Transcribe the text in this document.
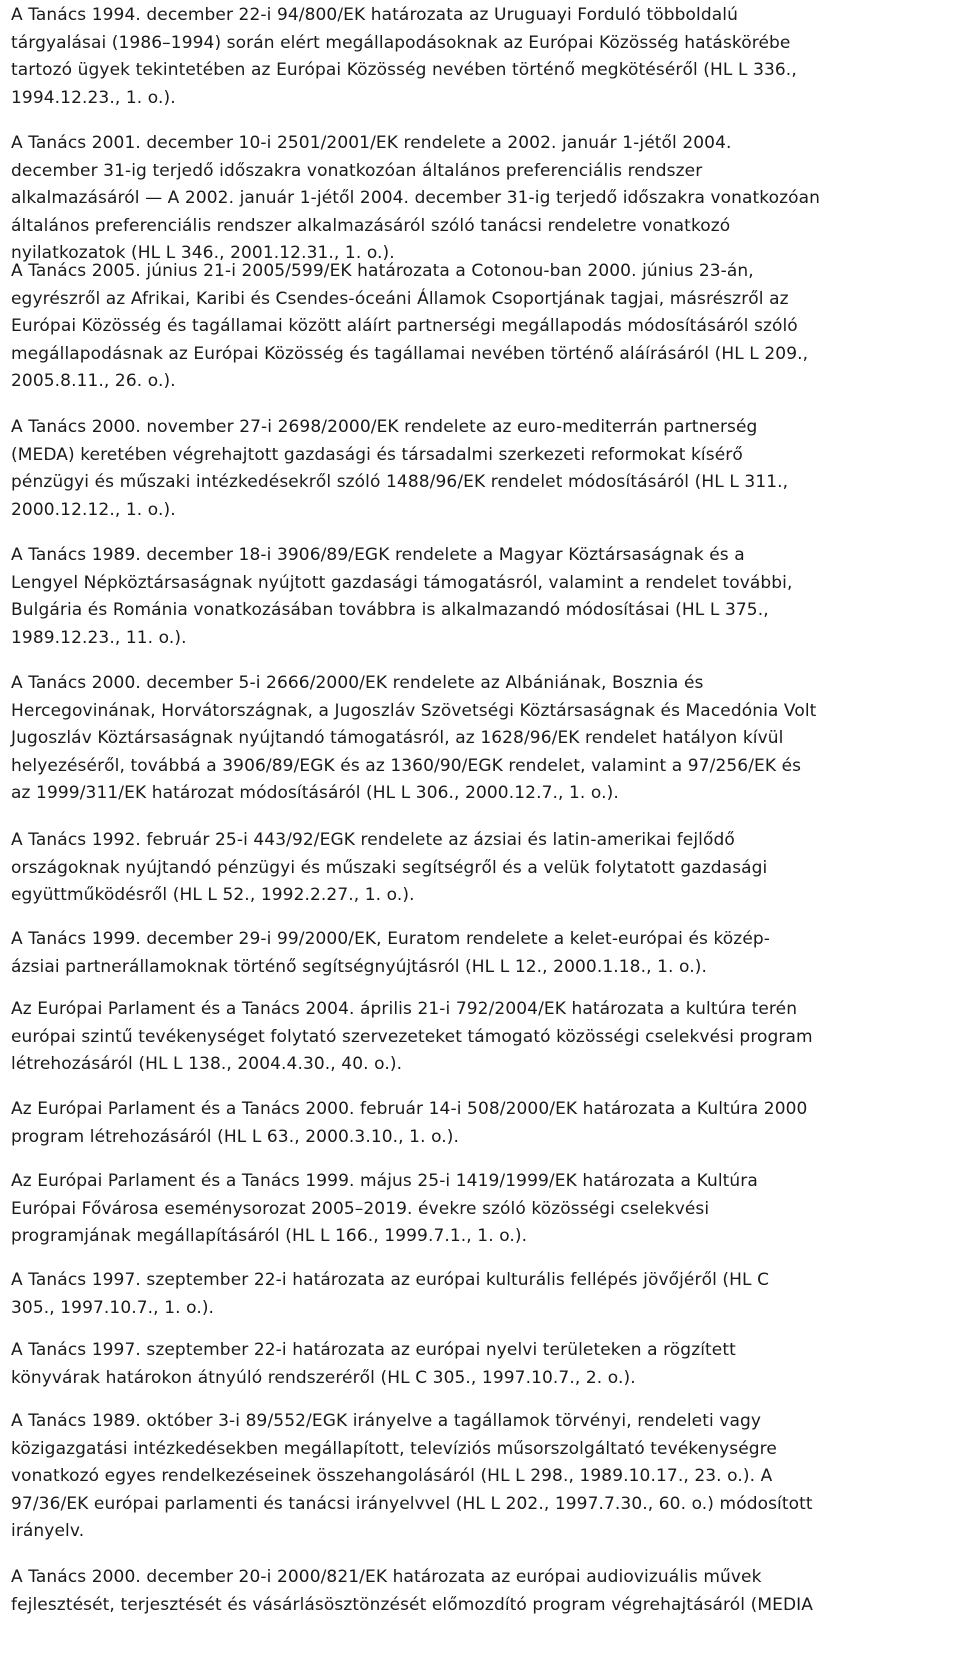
A Tanács 1994. december 22-i 94/800/EK határozata az Uruguayi Forduló többoldalú
tárgyalásai (1986–1994) során elért megállapodásoknak az Európai Közösség hatáskörébe
tartozó ügyek tekintetében az Európai Közösség nevében történő megkötéséről (HL L 336.,
1994.12.23., 1. o.).

A Tanács 2001. december 10-i 2501/2001/EK rendelete a 2002. január 1-jétől 2004.
december 31-ig terjedő időszakra vonatkozóan általános preferenciális rendszer
alkalmazásáról — A 2002. január 1-jétől 2004. december 31-ig terjedő időszakra vonatkozóan
általános preferenciális rendszer alkalmazásáról szóló tanácsi rendeletre vonatkozó
nyilatkozatok (HL L 346., 2001.12.31., 1. o.).

A Tanács 2005. június 21-i 2005/599/EK határozata a Cotonou-ban 2000. június 23-án,
egyrészről az Afrikai, Karibi és Csendes-óceáni Államok Csoportjának tagjai, másrészről az
Európai Közösség és tagállamai között aláírt partnerségi megállapodás módosításáról szóló
megállapodásnak az Európai Közösség és tagállamai nevében történő aláírásáról (HL L 209.,
2005.8.11., 26. o.).

A Tanács 2000. november 27-i 2698/2000/EK rendelete az euro-mediterrán partnerség
(MEDA) keretében végrehajtott gazdasági és társadalmi szerkezeti reformokat kísérő
pénzügyi és műszaki intézkedésekről szóló 1488/96/EK rendelet módosításáról (HL L 311.,
2000.12.12., 1. o.).

A Tanács 1989. december 18-i 3906/89/EGK rendelete a Magyar Köztársaságnak és a
Lengyel Népköztársaságnak nyújtott gazdasági támogatásról, valamint a rendelet további,
Bulgária és Románia vonatkozásában továbbra is alkalmazandó módosításai (HL L 375.,
1989.12.23., 11. o.).

A Tanács 2000. december 5-i 2666/2000/EK rendelete az Albániának, Bosznia és
Hercegovinának, Horvátországnak, a Jugoszláv Szövetségi Köztársaságnak és Macedónia Volt
Jugoszláv Köztársaságnak nyújtandó támogatásról, az 1628/96/EK rendelet hatályon kívül
helyezéséről, továbbá a 3906/89/EGK és az 1360/90/EGK rendelet, valamint a 97/256/EK és
az 1999/311/EK határozat módosításáról (HL L 306., 2000.12.7., 1. o.).

A Tanács 1992. február 25-i 443/92/EGK rendelete az ázsiai és latin-amerikai fejlődő
országoknak nyújtandó pénzügyi és műszaki segítségről és a velük folytatott gazdasági
együttműködésről (HL L 52., 1992.2.27., 1. o.).

A Tanács 1999. december 29-i 99/2000/EK, Euratom rendelete a kelet-európai és közép-
ázsiai partnerállamoknak történő segítségnyújtásról (HL L 12., 2000.1.18., 1. o.).

Az Európai Parlament és a Tanács 2004. április 21-i 792/2004/EK határozata a kultúra terén
európai szintű tevékenységet folytató szervezeteket támogató közösségi cselekvési program
létrehozásáról (HL L 138., 2004.4.30., 40. o.).

Az Európai Parlament és a Tanács 2000. február 14-i 508/2000/EK határozata a Kultúra 2000
program létrehozásáról (HL L 63., 2000.3.10., 1. o.).

Az Európai Parlament és a Tanács 1999. május 25-i 1419/1999/EK határozata a Kultúra
Európai Fővárosa eseménysorozat 2005–2019. évekre szóló közösségi cselekvési
programjának megállapításáról (HL L 166., 1999.7.1., 1. o.).

A Tanács 1997. szeptember 22-i határozata az európai kulturális fellépés jövőjéről (HL C
305., 1997.10.7., 1. o.).

A Tanács 1997. szeptember 22-i határozata az európai nyelvi területeken a rögzített
könyvárak határokon átnyúló rendszeréről (HL C 305., 1997.10.7., 2. o.).

A Tanács 1989. október 3-i 89/552/EGK irányelve a tagállamok törvényi, rendeleti vagy
közigazgatási intézkedésekben megállapított, televíziós műsorszolgáltató tevékenységre
vonatkozó egyes rendelkezéseinek összehangolásáról (HL L 298., 1989.10.17., 23. o.). A
97/36/EK európai parlamenti és tanácsi irányelvvel (HL L 202., 1997.7.30., 60. o.) módosított
irányelv.

A Tanács 2000. december 20-i 2000/821/EK határozata az európai audiovizuális művek
fejlesztését, terjesztését és vásárlásösztönzését előmozdító program végrehajtásáról (MEDIA
